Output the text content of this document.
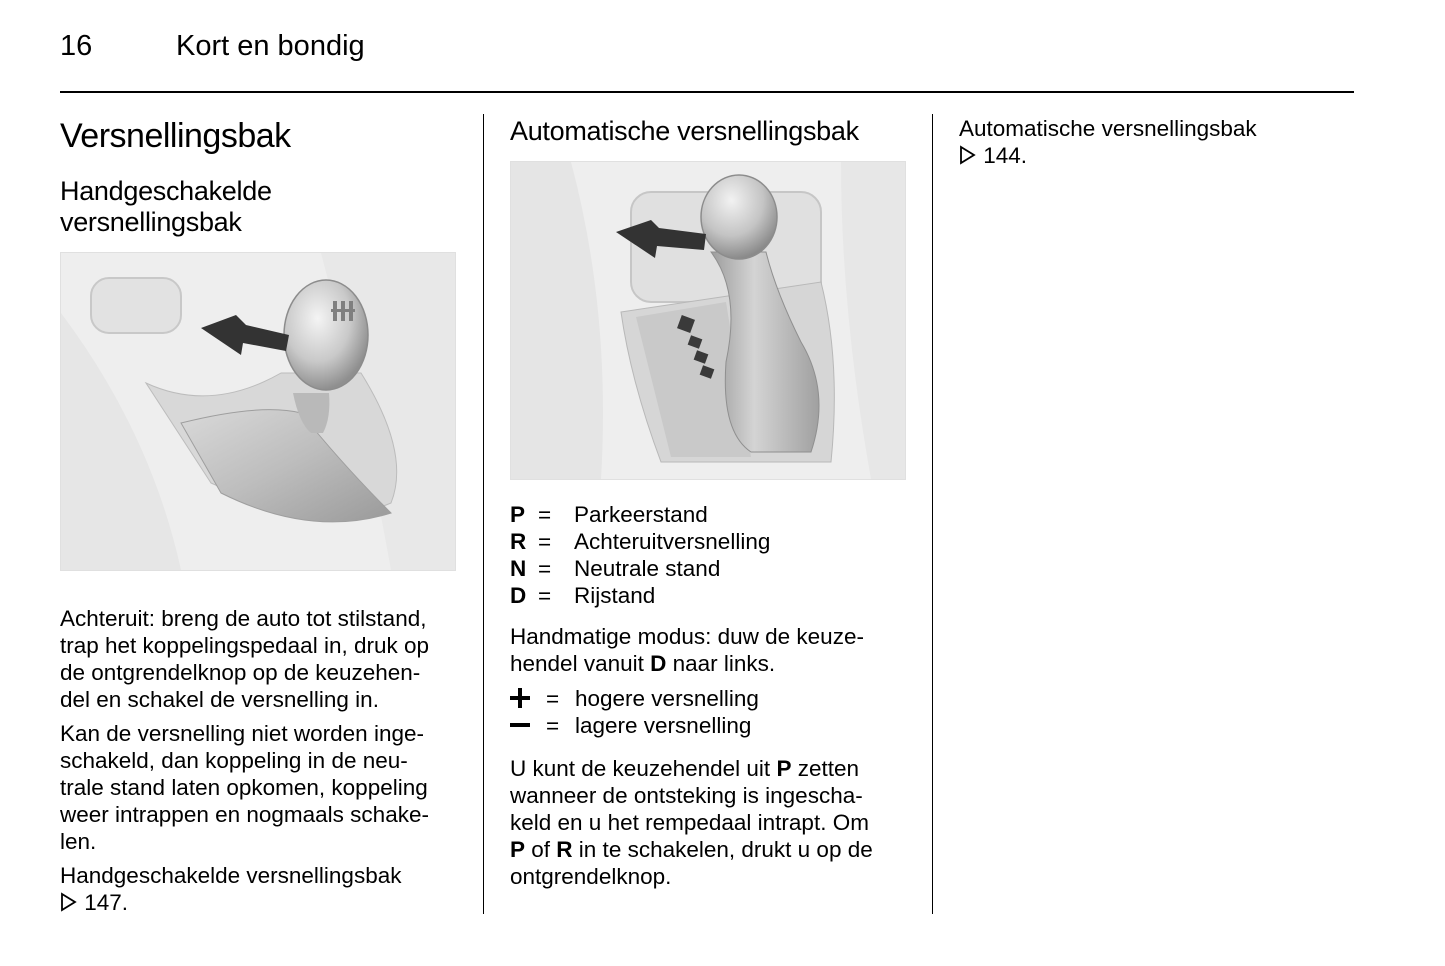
16	Kort en bondig
Versnellingsbak
Handgeschakelde
versnellingsbak

Achteruit: breng de auto tot stilstand,
trap het koppelingspedaal in, druk op
de ontgrendelknop op de keuzehen-
del en schakel de versnelling in.

Kan de versnelling niet worden inge-
schakeld, dan koppeling in de neu-
trale stand laten opkomen, koppeling
weer intrappen en nogmaals schake-
len.

Handgeschakelde versnellingsbak
147.

Automatische versnellingsbak
P =	Parkeerstand
R =	Achteruitversnelling
N =	Neutrale stand
D =	Rijstand

Handmatige modus: duw de keuze-
hendel vanuit D naar links.

= hogere versnelling
= lagere versnelling

U kunt de keuzehendel uit P zetten
wanneer de ontsteking is ingescha-
keld en u het rempedaal intrapt. Om
P of R in te schakelen, drukt u op de
ontgrendelknop.

Automatische versnellingsbak
144.
